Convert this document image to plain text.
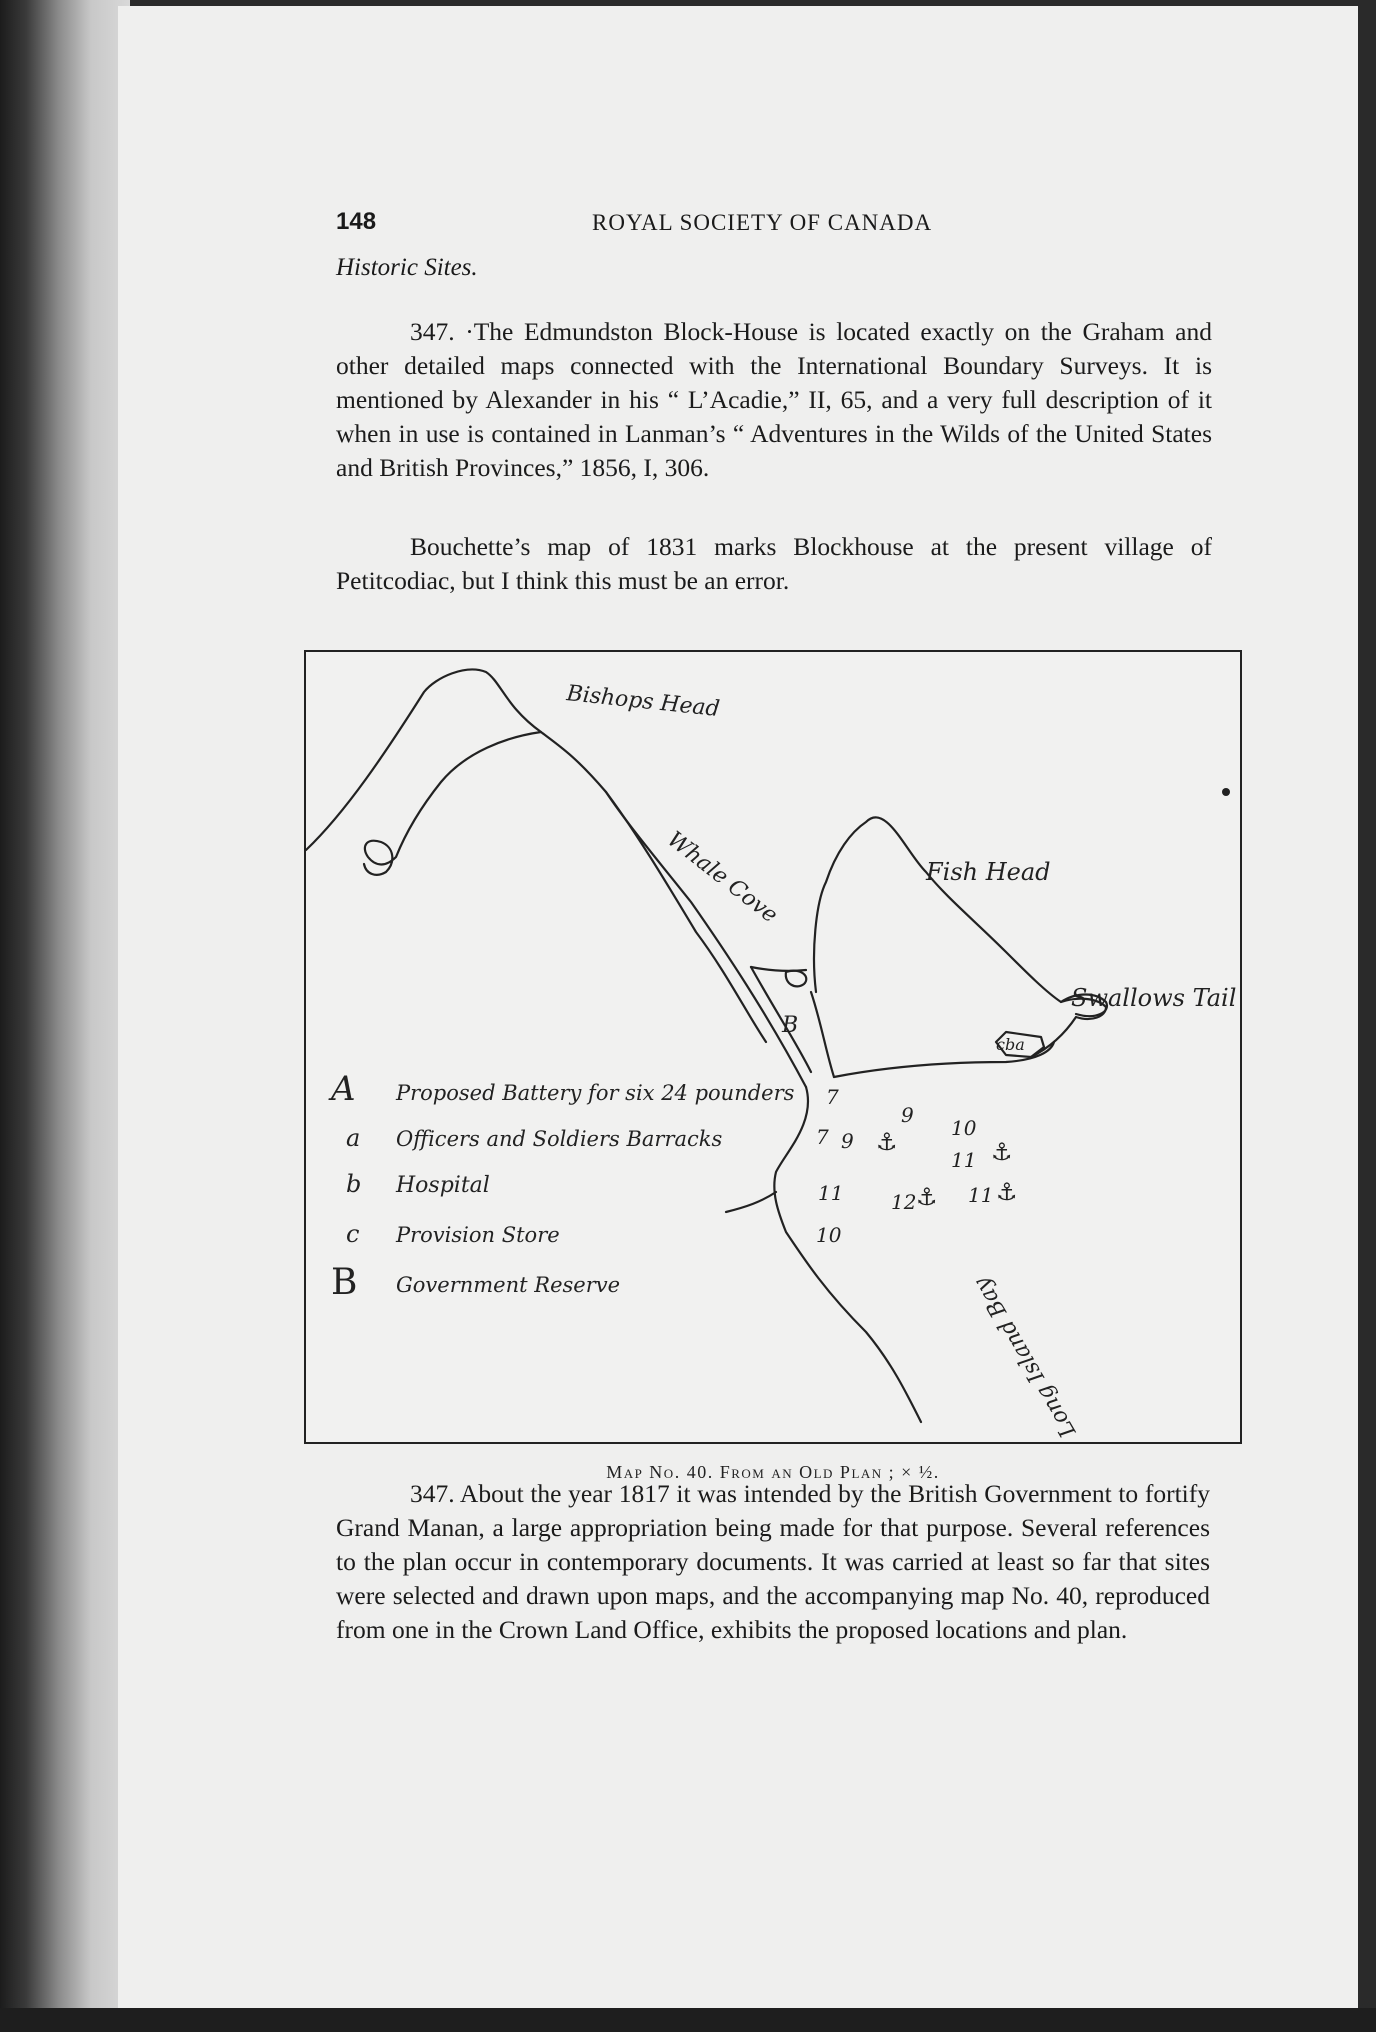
148	ROYAL SOCIETY OF CANADA
Historic Sites.

347. ·The Edmundston Block-House is located exactly on the Graham and other detailed maps connected with the International Boundary Surveys. It is mentioned by Alexander in his “ L’Acadie,” II, 65, and a very full description of it when in use is contained in Lanman’s “ Adventures in the Wilds of the United States and British Provinces,” 1856, I, 306.

Bouchette’s map of 1831 marks Blockhouse at the present village of Petitcodiac, but I think this must be an error.

Bishops Head
Whale Cove	Fish Head
Swallows Tail
Long Island Bay
B
cba
7
9
7 9
10
11
11 12	11
10
⚓	⚓
⚓ ⚓
A Proposed Battery for six 24 pounders
a Officers and Soldiers Barracks
b Hospital
c Provision Store
B Government Reserve
Map No. 40. From an Old Plan ; × ½.

347. About the year 1817 it was intended by the British Government to fortify Grand Manan, a large appropriation being made for that purpose. Several references to the plan occur in contemporary documents. It was carried at least so far that sites were selected and drawn upon maps, and the accompanying map No. 40, reproduced from one in the Crown Land Office, exhibits the proposed locations and plan.
